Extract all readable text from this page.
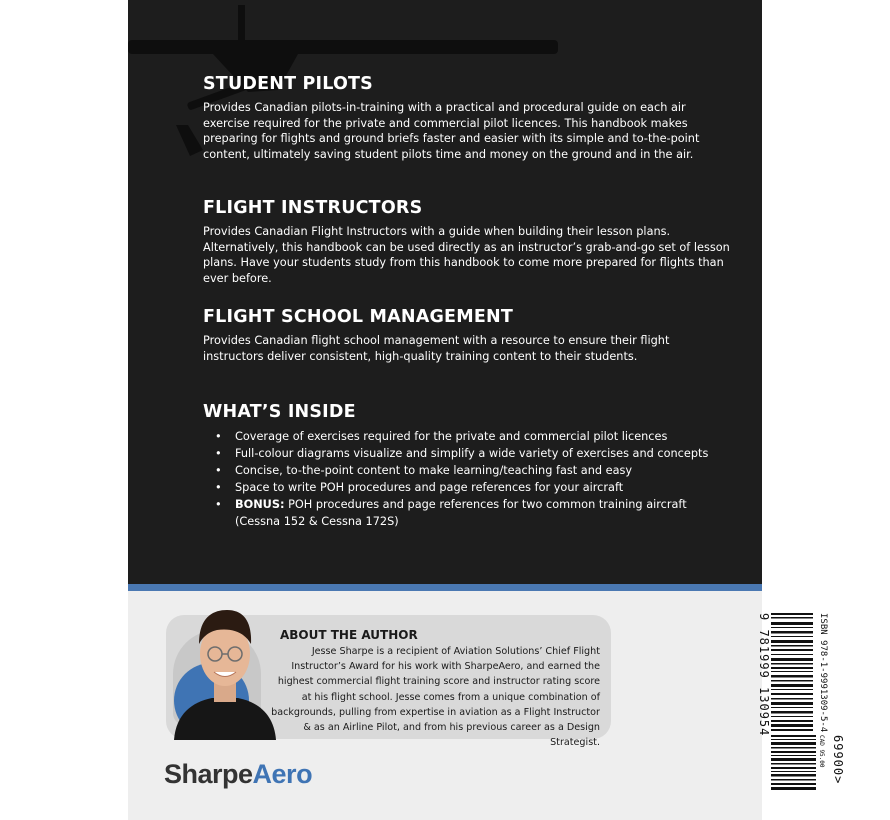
STUDENT PILOTS

Provides Canadian pilots-in-training with a practical and procedural guide on each air exercise required for the private and commercial pilot licences. This handbook makes preparing for flights and ground briefs faster and easier with its simple and to-the-point content, ultimately saving student pilots time and money on the ground and in the air.

FLIGHT INSTRUCTORS

Provides Canadian Flight Instructors with a guide when building their lesson plans. Alternatively, this handbook can be used directly as an instructor’s grab-and-go set of lesson plans. Have your students study from this handbook to come more prepared for flights than ever before.

FLIGHT SCHOOL MANAGEMENT

Provides Canadian flight school management with a resource to ensure their flight instructors deliver consistent, high-quality training content to their students.

WHAT’S INSIDE
• Coverage of exercises required for the private and commercial pilot licences
• Full-colour diagrams visualize and simplify a wide variety of exercises and concepts
• Concise, to-the-point content to make learning/teaching fast and easy
• Space to write POH procedures and page references for your aircraft
• BONUS: POH procedures and page references for two common training aircraft (Cessna 152 & Cessna 172S)
ABOUT THE AUTHOR
Jesse Sharpe is a recipient of Aviation Solutions’ Chief Flight Instructor’s Award for his work with SharpeAero, and earned the highest commercial flight training score and instructor rating score at his flight school. Jesse comes from a unique combination of backgrounds, pulling from expertise in aviation as a Flight Instructor & as an Airline Pilot, and from his previous career as a Design Strategist.
SharpeAero
9 781999 130954	ISBN 978-1-9991309-5-4
CAD 95.00 69900>
